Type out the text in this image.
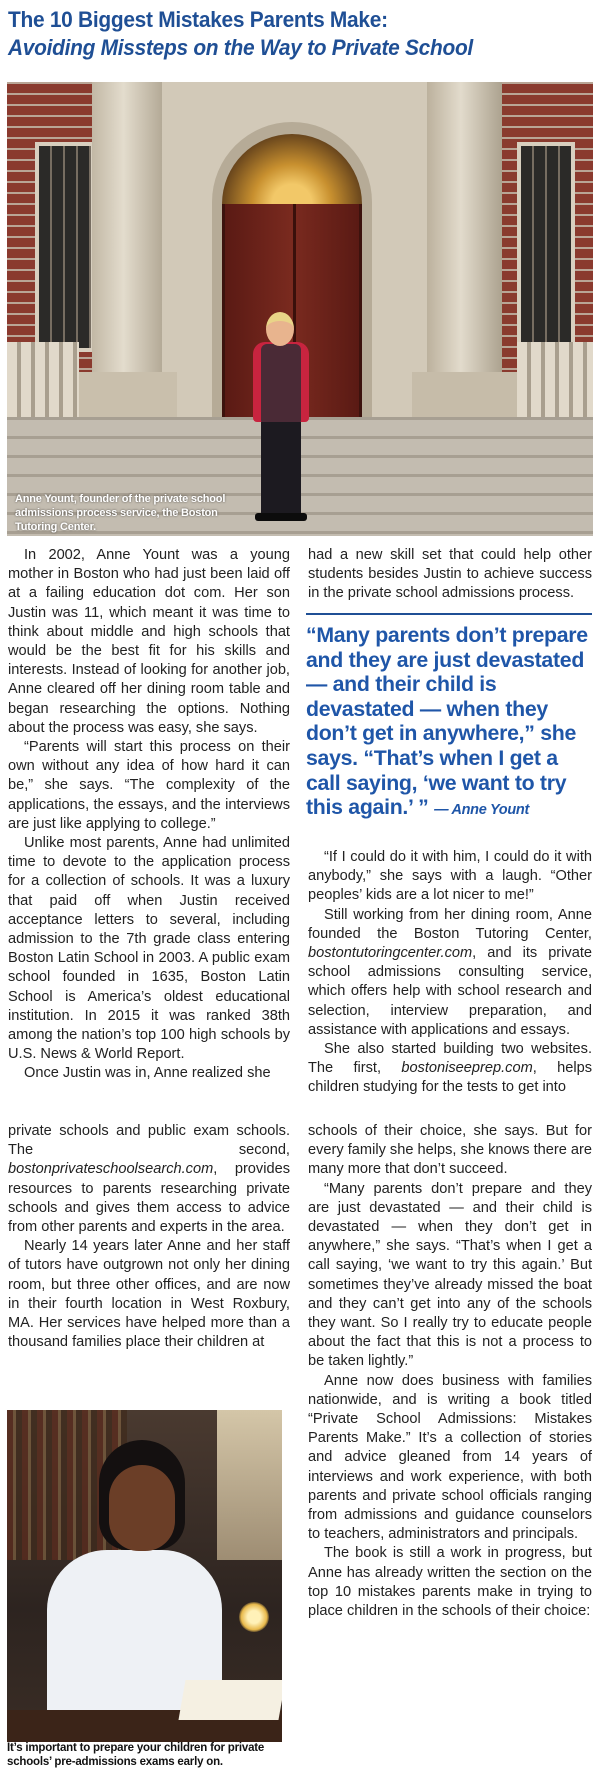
The 10 Biggest Mistakes Parents Make:
Avoiding Missteps on the Way to Private School
Anne Yount, founder of the private school admissions process service, the Boston Tutoring Center.

In 2002, Anne Yount was a young mother in Boston who had just been laid off at a failing education dot com. Her son Justin was 11, which meant it was time to think about middle and high schools that would be the best fit for his skills and interests. Instead of looking for another job, Anne cleared off her dining room table and began researching the options. Nothing about the process was easy, she says.

“Parents will start this process on their own without any idea of how hard it can be,” she says. “The complexity of the applications, the essays, and the interviews are just like applying to college.”

Unlike most parents, Anne had unlimited time to devote to the application process for a collection of schools. It was a luxury that paid off when Justin received acceptance letters to several, including admission to the 7th grade class entering Boston Latin School in 2003. A public exam school founded in 1635, Boston Latin School is America’s oldest educational institution. In 2015 it was ranked 38th among the nation’s top 100 high schools by U.S. News & World Report.

Once Justin was in, Anne realized she

had a new skill set that could help other students besides Justin to achieve success in the private school admissions process.

“Many parents don’t prepare and they are just devastated — and their child is devastated — when they don’t get in anywhere,” she says. “That’s when I get a call saying, ‘we want to try this again.’ ” — Anne Yount

“If I could do it with him, I could do it with anybody,” she says with a laugh. “Other peoples’ kids are a lot nicer to me!”

Still working from her dining room, Anne founded the Boston Tutoring Center, bostontutoringcenter.com, and its private school admissions consulting service, which offers help with school research and selection, interview preparation, and assistance with applications and essays.

She also started building two websites. The first, bostoniseeprep.com, helps children studying for the tests to get into

private schools and public exam schools. The second, bostonprivateschoolsearch.com, provides resources to parents researching private schools and gives them access to advice from other parents and experts in the area.

Nearly 14 years later Anne and her staff of tutors have outgrown not only her dining room, but three other offices, and are now in their fourth location in West Roxbury, MA. Her services have helped more than a thousand families place their children at

It’s important to prepare your children for private schools’ pre-admissions exams early on.

schools of their choice, she says. But for every family she helps, she knows there are many more that don’t succeed.

“Many parents don’t prepare and they are just devastated — and their child is devastated — when they don’t get in anywhere,” she says. “That’s when I get a call saying, ‘we want to try this again.’ But sometimes they’ve already missed the boat and they can’t get into any of the schools they want. So I really try to educate people about the fact that this is not a process to be taken lightly.”

Anne now does business with families nationwide, and is writing a book titled “Private School Admissions: Mistakes Parents Make.” It’s a collection of stories and advice gleaned from 14 years of interviews and work experience, with both parents and private school officials ranging from admissions and guidance counselors to teachers, administrators and principals.

The book is still a work in progress, but Anne has already written the section on the top 10 mistakes parents make in trying to place children in the schools of their choice:
